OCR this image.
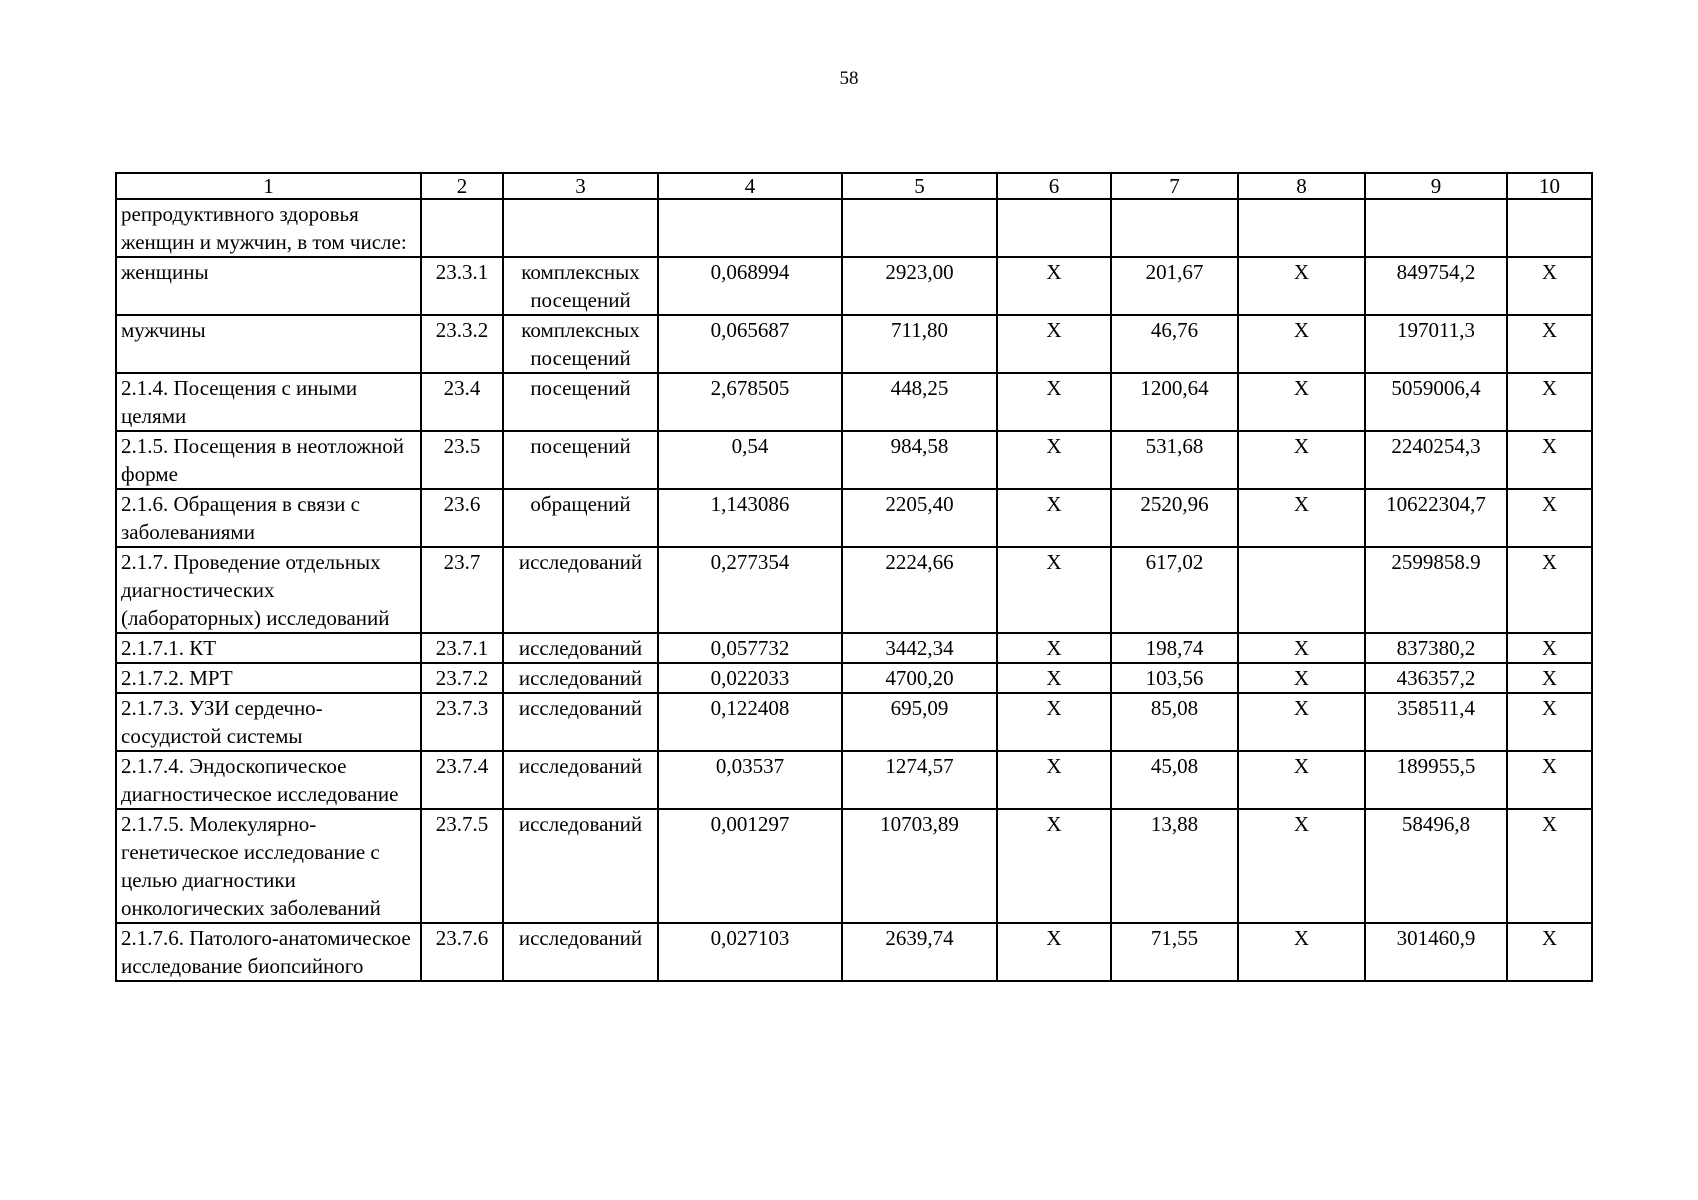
58
1	2	3	4	5	6	7	8	9	10
репродуктивного здоровья женщин и мужчин, в том числе:									
женщины	23.3.1	комплексных посещений	0,068994	2923,00	X	201,67	X	849754,2	X
мужчины	23.3.2	комплексных посещений	0,065687	711,80	X	46,76	X	197011,3	X
2.1.4. Посещения с иными целями	23.4	посещений	2,678505	448,25	X	1200,64	X	5059006,4	X
2.1.5. Посещения в неотложной форме	23.5	посещений	0,54	984,58	X	531,68	X	2240254,3	X
2.1.6. Обращения в связи с заболеваниями	23.6	обращений	1,143086	2205,40	X	2520,96	X	10622304,7	X
2.1.7. Проведение отдельных диагностических (лабораторных) исследований	23.7	исследований	0,277354	2224,66	X	617,02		2599858.9	X
2.1.7.1. КТ	23.7.1	исследований	0,057732	3442,34	X	198,74	X	837380,2	X
2.1.7.2. МРТ	23.7.2	исследований	0,022033	4700,20	X	103,56	X	436357,2	X
2.1.7.3. УЗИ сердечно-сосудистой системы	23.7.3	исследований	0,122408	695,09	X	85,08	X	358511,4	X
2.1.7.4. Эндоскопическое диагностическое исследование	23.7.4	исследований	0,03537	1274,57	X	45,08	X	189955,5	X
2.1.7.5. Молекулярно-генетическое исследование с целью диагностики онкологических заболеваний	23.7.5	исследований	0,001297	10703,89	X	13,88	X	58496,8	X
2.1.7.6. Патолого-анатомическое исследование биопсийного	23.7.6	исследований	0,027103	2639,74	X	71,55	X	301460,9	X
